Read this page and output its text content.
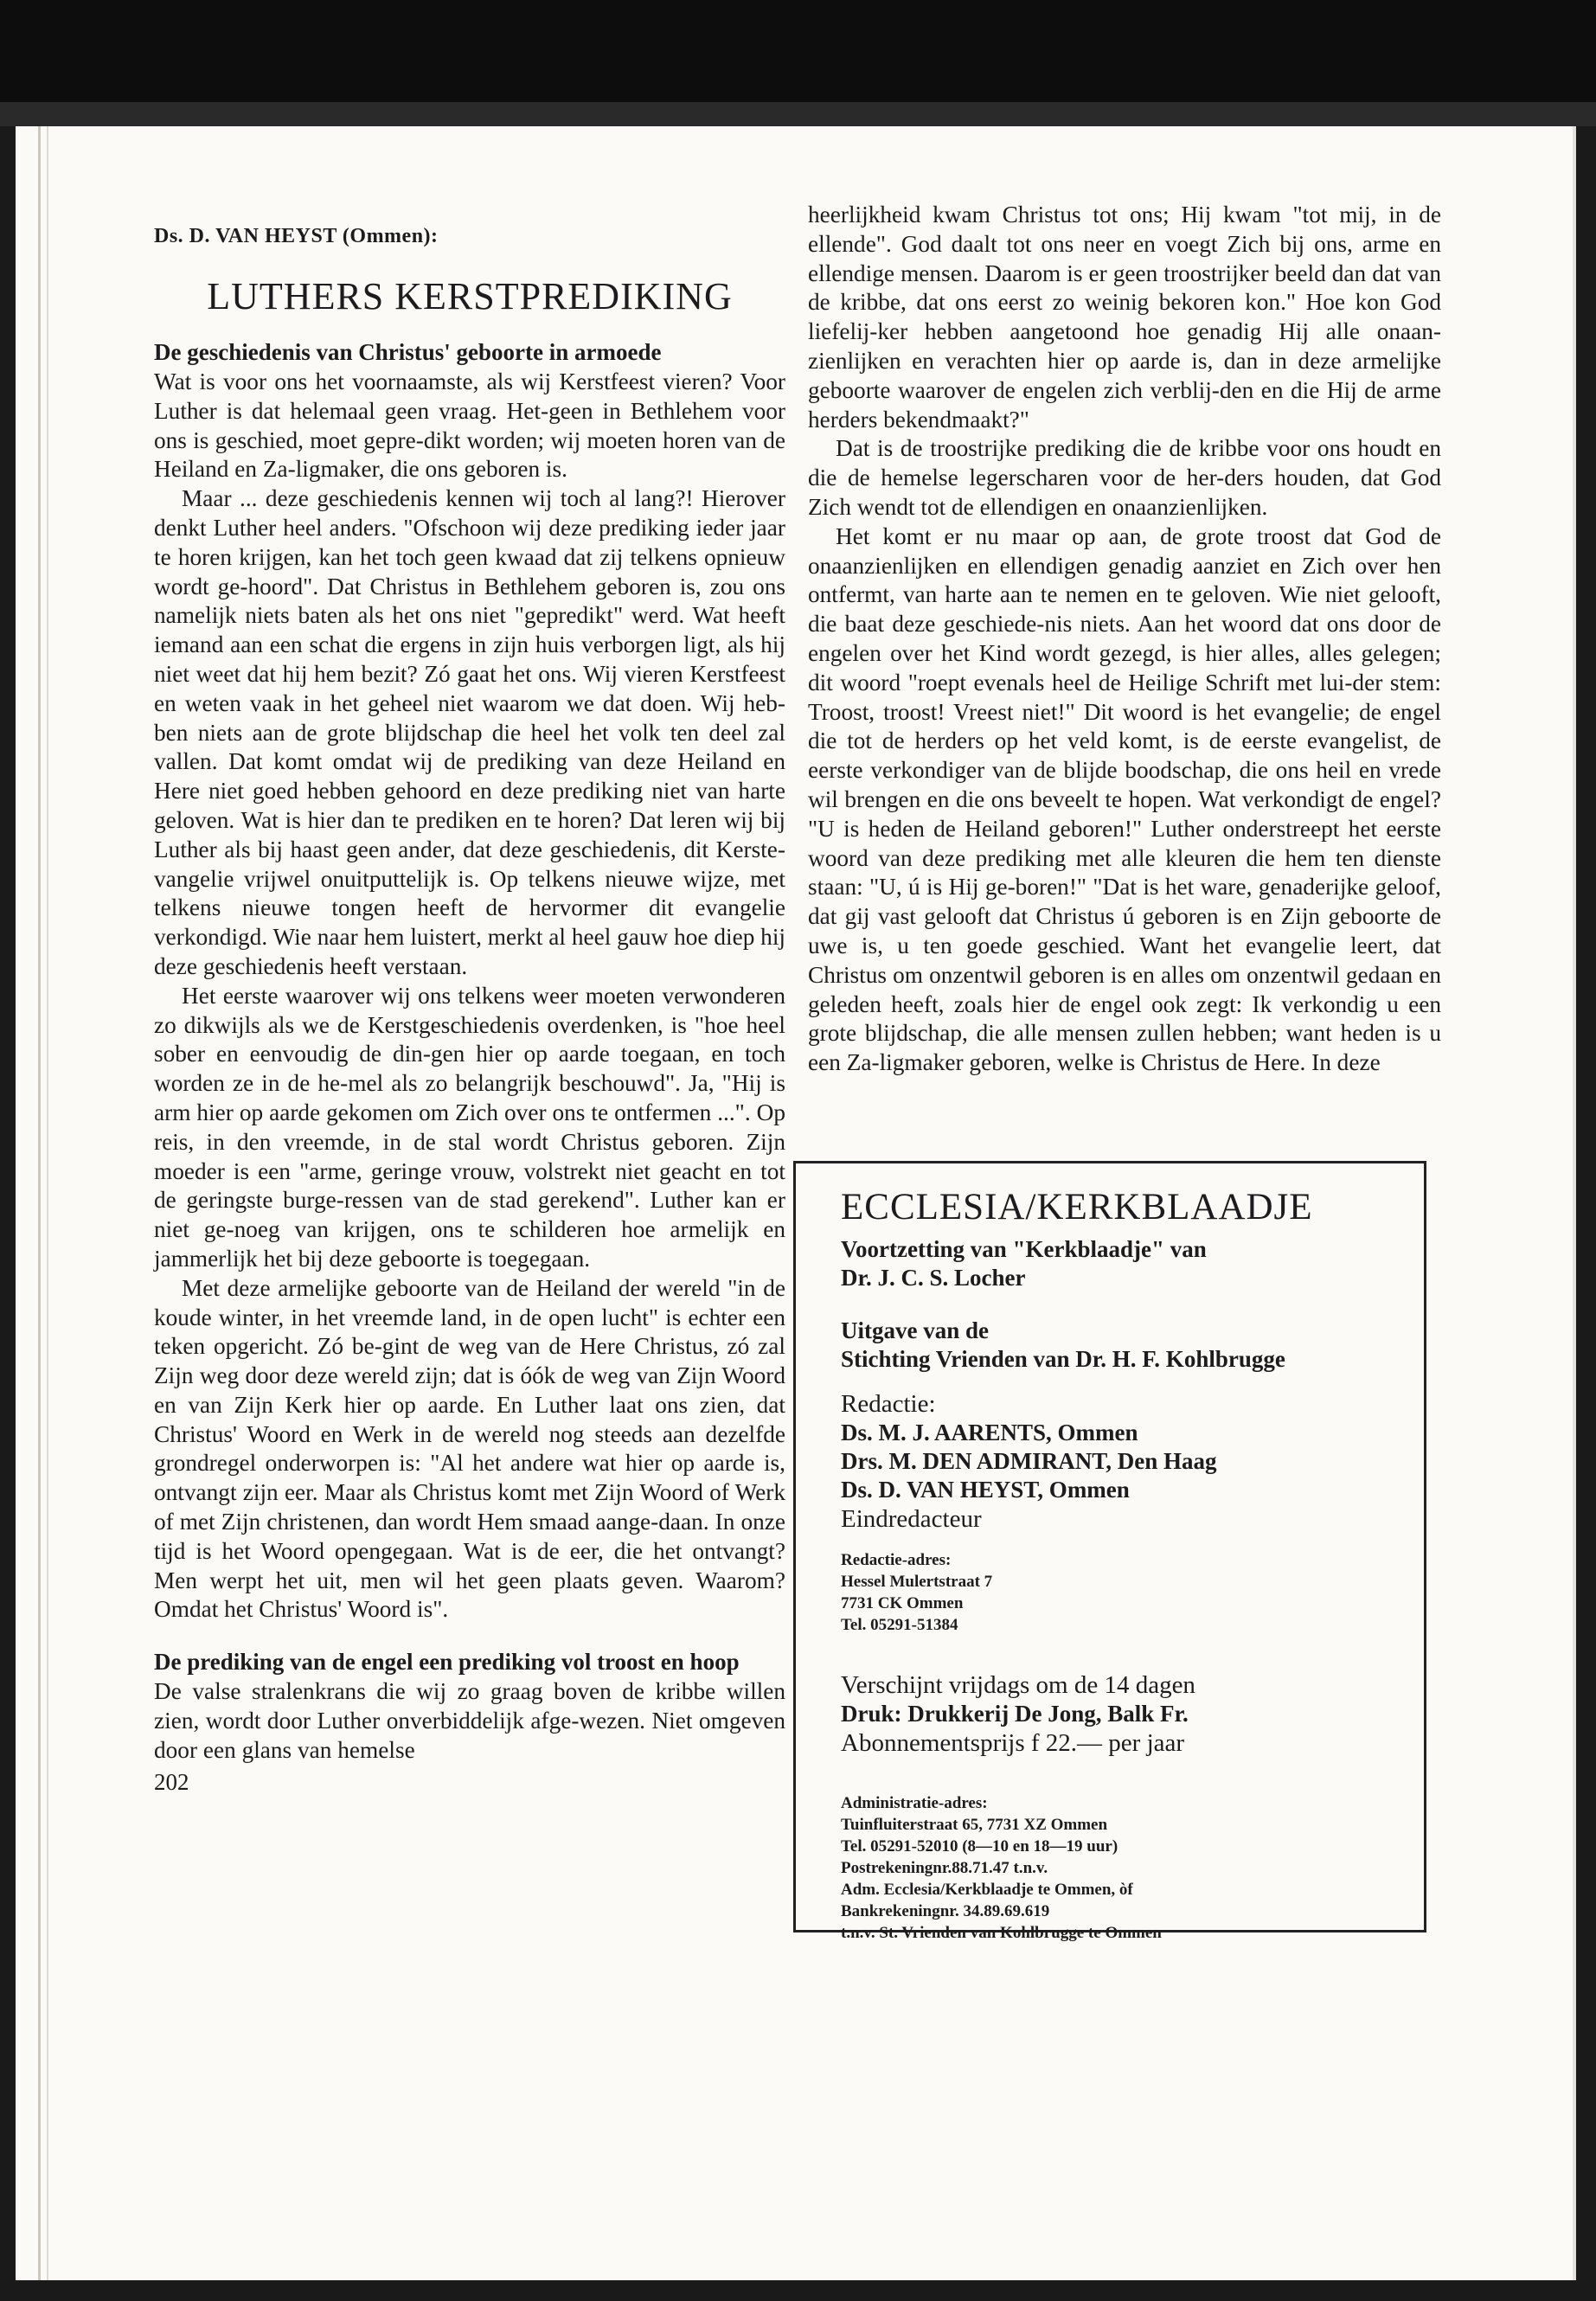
Ds. D. VAN HEYST (Ommen):
LUTHERS KERSTPREDIKING
De geschiedenis van Christus' geboorte in armoede

Wat is voor ons het voornaamste, als wij Kerstfeest vieren? Voor Luther is dat helemaal geen vraag. Het-geen in Bethlehem voor ons is geschied, moet gepre-dikt worden; wij moeten horen van de Heiland en Za-ligmaker, die ons geboren is.

Maar ... deze geschiedenis kennen wij toch al lang?! Hierover denkt Luther heel anders. "Ofschoon wij deze prediking ieder jaar te horen krijgen, kan het toch geen kwaad dat zij telkens opnieuw wordt ge-hoord". Dat Christus in Bethlehem geboren is, zou ons namelijk niets baten als het ons niet "gepredikt" werd. Wat heeft iemand aan een schat die ergens in zijn huis verborgen ligt, als hij niet weet dat hij hem bezit? Zó gaat het ons. Wij vieren Kerstfeest en weten vaak in het geheel niet waarom we dat doen. Wij heb-ben niets aan de grote blijdschap die heel het volk ten deel zal vallen. Dat komt omdat wij de prediking van deze Heiland en Here niet goed hebben gehoord en deze prediking niet van harte geloven. Wat is hier dan te prediken en te horen? Dat leren wij bij Luther als bij haast geen ander, dat deze geschiedenis, dit Kerste-vangelie vrijwel onuitputtelijk is. Op telkens nieuwe wijze, met telkens nieuwe tongen heeft de hervormer dit evangelie verkondigd. Wie naar hem luistert, merkt al heel gauw hoe diep hij deze geschiedenis heeft verstaan.

Het eerste waarover wij ons telkens weer moeten verwonderen zo dikwijls als we de Kerstgeschiedenis overdenken, is "hoe heel sober en eenvoudig de din-gen hier op aarde toegaan, en toch worden ze in de he-mel als zo belangrijk beschouwd". Ja, "Hij is arm hier op aarde gekomen om Zich over ons te ontfermen ...". Op reis, in den vreemde, in de stal wordt Christus geboren. Zijn moeder is een "arme, geringe vrouw, volstrekt niet geacht en tot de geringste burge-ressen van de stad gerekend". Luther kan er niet ge-noeg van krijgen, ons te schilderen hoe armelijk en jammerlijk het bij deze geboorte is toegegaan.

Met deze armelijke geboorte van de Heiland der wereld "in de koude winter, in het vreemde land, in de open lucht" is echter een teken opgericht. Zó be-gint de weg van de Here Christus, zó zal Zijn weg door deze wereld zijn; dat is óók de weg van Zijn Woord en van Zijn Kerk hier op aarde. En Luther laat ons zien, dat Christus' Woord en Werk in de wereld nog steeds aan dezelfde grondregel onderworpen is: "Al het andere wat hier op aarde is, ontvangt zijn eer. Maar als Christus komt met Zijn Woord of Werk of met Zijn christenen, dan wordt Hem smaad aange-daan. In onze tijd is het Woord opengegaan. Wat is de eer, die het ontvangt? Men werpt het uit, men wil het geen plaats geven. Waarom? Omdat het Christus' Woord is".

De prediking van de engel een prediking vol troost en hoop

De valse stralenkrans die wij zo graag boven de kribbe willen zien, wordt door Luther onverbiddelijk afge-wezen. Niet omgeven door een glans van hemelse

202

heerlijkheid kwam Christus tot ons; Hij kwam "tot mij, in de ellende". God daalt tot ons neer en voegt Zich bij ons, arme en ellendige mensen. Daarom is er geen troostrijker beeld dan dat van de kribbe, dat ons eerst zo weinig bekoren kon." Hoe kon God liefelij-ker hebben aangetoond hoe genadig Hij alle onaan-zienlijken en verachten hier op aarde is, dan in deze armelijke geboorte waarover de engelen zich verblij-den en die Hij de arme herders bekendmaakt?"

Dat is de troostrijke prediking die de kribbe voor ons houdt en die de hemelse legerscharen voor de her-ders houden, dat God Zich wendt tot de ellendigen en onaanzienlijken.

Het komt er nu maar op aan, de grote troost dat God de onaanzienlijken en ellendigen genadig aanziet en Zich over hen ontfermt, van harte aan te nemen en te geloven. Wie niet gelooft, die baat deze geschiede-nis niets. Aan het woord dat ons door de engelen over het Kind wordt gezegd, is hier alles, alles gelegen; dit woord "roept evenals heel de Heilige Schrift met lui-der stem: Troost, troost! Vreest niet!" Dit woord is het evangelie; de engel die tot de herders op het veld komt, is de eerste evangelist, de eerste verkondiger van de blijde boodschap, die ons heil en vrede wil brengen en die ons beveelt te hopen. Wat verkondigt de engel? "U is heden de Heiland geboren!" Luther onderstreept het eerste woord van deze prediking met alle kleuren die hem ten dienste staan: "U, ú is Hij ge-boren!" "Dat is het ware, genaderijke geloof, dat gij vast gelooft dat Christus ú geboren is en Zijn geboorte de uwe is, u ten goede geschied. Want het evangelie leert, dat Christus om onzentwil geboren is en alles om onzentwil gedaan en geleden heeft, zoals hier de engel ook zegt: Ik verkondig u een grote blijdschap, die alle mensen zullen hebben; want heden is u een Za-ligmaker geboren, welke is Christus de Here. In deze

ECCLESIA/KERKBLAADJE
Voortzetting van "Kerkblaadje" van
Dr. J. C. S. Locher
Uitgave van de
Stichting Vrienden van Dr. H. F. Kohlbrugge
Redactie:
Ds. M. J. AARENTS, Ommen
Drs. M. DEN ADMIRANT, Den Haag
Ds. D. VAN HEYST, Ommen
Eindredacteur
Redactie-adres:
Hessel Mulertstraat 7
7731 CK Ommen
Tel. 05291-51384
Verschijnt vrijdags om de 14 dagen
Druk: Drukkerij De Jong, Balk Fr.
Abonnementsprijs f 22.— per jaar
Administratie-adres:
Tuinfluiterstraat 65, 7731 XZ Ommen
Tel. 05291-52010 (8—10 en 18—19 uur)
Postrekeningnr.88.71.47 t.n.v.
Adm. Ecclesia/Kerkblaadje te Ommen, òf
Bankrekeningnr. 34.89.69.619
t.n.v. St. Vrienden van Kohlbrugge te Ommen
